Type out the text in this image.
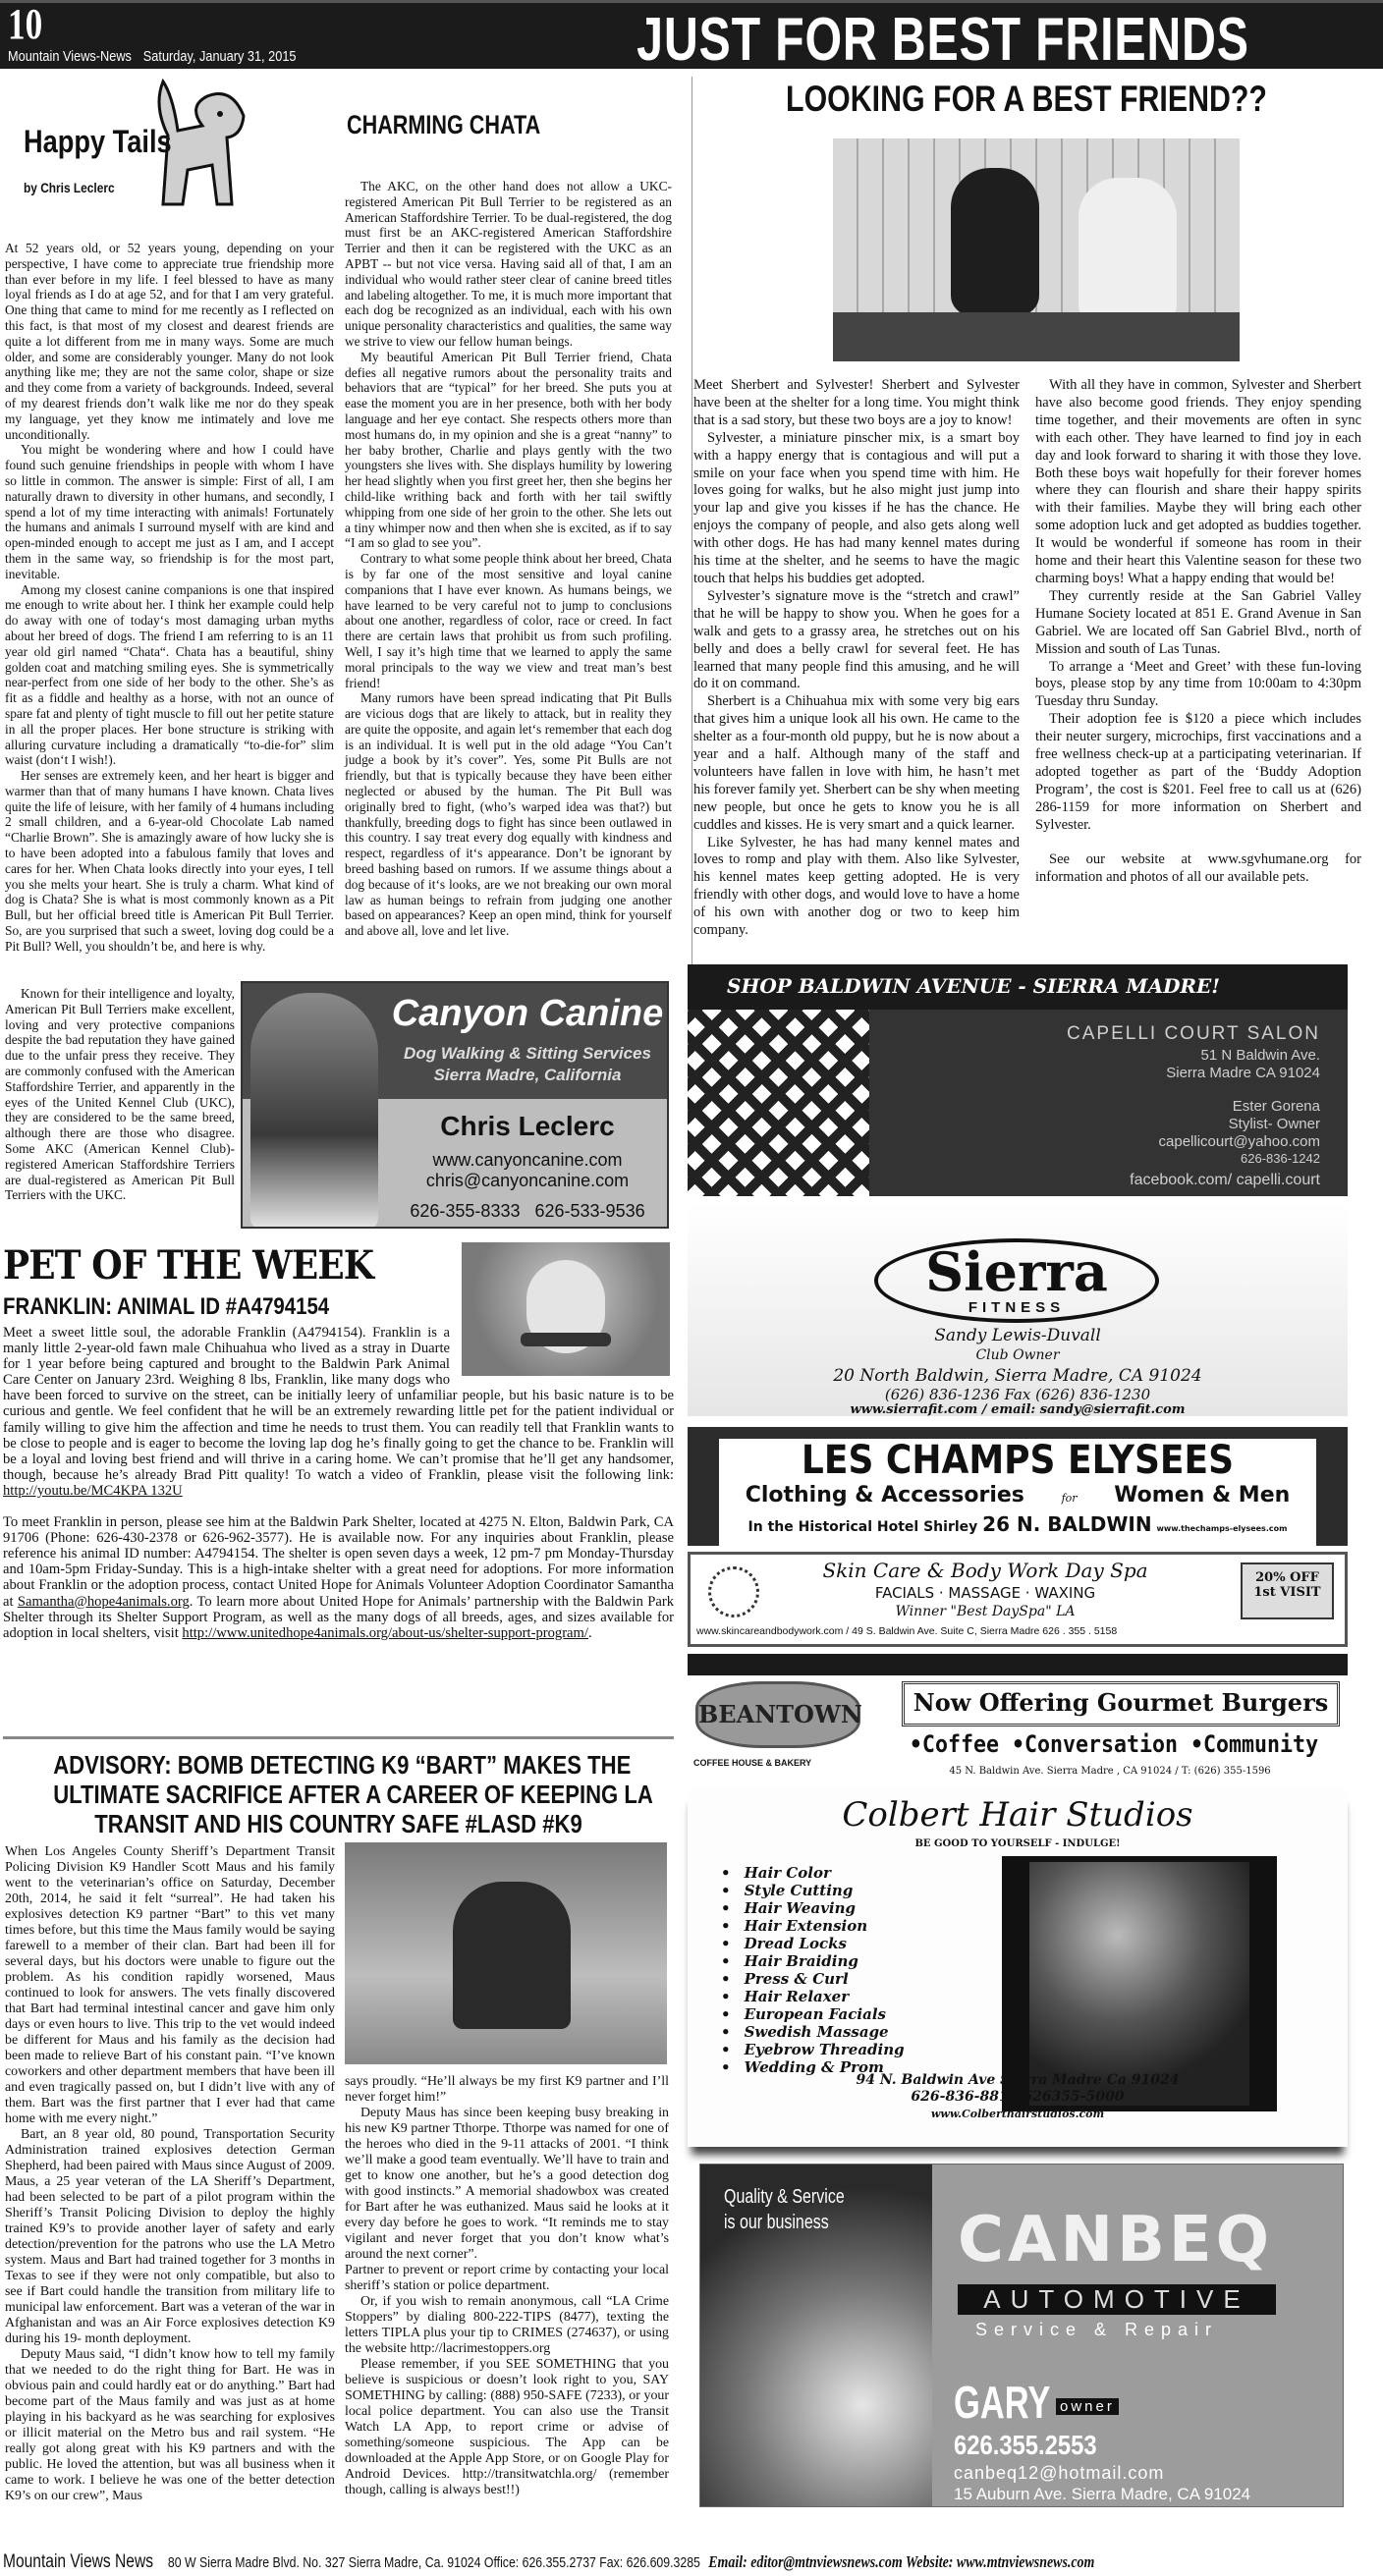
10
Mountain Views-News Saturday, January 31, 2015	JUST FOR BEST FRIENDS
Happy Tails
by Chris Leclerc
CHARMING CHATA

At 52 years old, or 52 years young, depending on your perspective, I have come to appreciate true friendship more than ever before in my life. I feel blessed to have as many loyal friends as I do at age 52, and for that I am very grateful. One thing that came to mind for me recently as I reflected on this fact, is that most of my closest and dearest friends are quite a lot different from me in many ways. Some are much older, and some are considerably younger. Many do not look anything like me; they are not the same color, shape or size and they come from a variety of backgrounds. Indeed, several of my dearest friends don’t walk like me nor do they speak my language, yet they know me intimately and love me unconditionally.

You might be wondering where and how I could have found such genuine friendships in people with whom I have so little in common. The answer is simple: First of all, I am naturally drawn to diversity in other humans, and secondly, I spend a lot of my time interacting with animals! Fortunately the humans and animals I surround myself with are kind and open-minded enough to accept me just as I am, and I accept them in the same way, so friendship is for the most part, inevitable.

Among my closest canine companions is one that inspired me enough to write about her. I think her example could help do away with one of today‘s most damaging urban myths about her breed of dogs. The friend I am referring to is an 11 year old girl named “Chata“. Chata has a beautiful, shiny golden coat and matching smiling eyes. She is symmetrically near-perfect from one side of her body to the other. She’s as fit as a fiddle and healthy as a horse, with not an ounce of spare fat and plenty of tight muscle to fill out her petite stature in all the proper places. Her bone structure is striking with alluring curvature including a dramatically “to-die-for” slim waist (don‘t I wish!).

Her senses are extremely keen, and her heart is bigger and warmer than that of many humans I have known. Chata lives quite the life of leisure, with her family of 4 humans including 2 small children, and a 6-year-old Chocolate Lab named “Charlie Brown”. She is amazingly aware of how lucky she is to have been adopted into a fabulous family that loves and cares for her. When Chata looks directly into your eyes, I tell you she melts your heart. She is truly a charm. What kind of dog is Chata? She is what is most commonly known as a Pit Bull, but her official breed title is American Pit Bull Terrier. So, are you surprised that such a sweet, loving dog could be a Pit Bull? Well, you shouldn’t be, and here is why.

Known for their intelligence and loyalty, American Pit Bull Terriers make excellent, loving and very protective companions despite the bad reputation they have gained due to the unfair press they receive. They are commonly confused with the American Staffordshire Terrier, and apparently in the eyes of the United Kennel Club (UKC), they are considered to be the same breed, although there are those who disagree. Some AKC (American Kennel Club)-registered American Staffordshire Terriers are dual-registered as American Pit Bull Terriers with the UKC.

The AKC, on the other hand does not allow a UKC-registered American Pit Bull Terrier to be registered as an American Staffordshire Terrier. To be dual-registered, the dog must first be an AKC-registered American Staffordshire Terrier and then it can be registered with the UKC as an APBT -- but not vice versa. Having said all of that, I am an individual who would rather steer clear of canine breed titles and labeling altogether. To me, it is much more important that each dog be recognized as an individual, each with his own unique personality characteristics and qualities, the same way we strive to view our fellow human beings.

My beautiful American Pit Bull Terrier friend, Chata defies all negative rumors about the personality traits and behaviors that are “typical” for her breed. She puts you at ease the moment you are in her presence, both with her body language and her eye contact. She respects others more than most humans do, in my opinion and she is a great “nanny” to her baby brother, Charlie and plays gently with the two youngsters she lives with. She displays humility by lowering her head slightly when you first greet her, then she begins her child-like writhing back and forth with her tail swiftly whipping from one side of her groin to the other. She lets out a tiny whimper now and then when she is excited, as if to say “I am so glad to see you”.

Contrary to what some people think about her breed, Chata is by far one of the most sensitive and loyal canine companions that I have ever known. As humans beings, we have learned to be very careful not to jump to conclusions about one another, regardless of color, race or creed. In fact there are certain laws that prohibit us from such profiling. Well, I say it’s high time that we learned to apply the same moral principals to the way we view and treat man’s best friend!

Many rumors have been spread indicating that Pit Bulls are vicious dogs that are likely to attack, but in reality they are quite the opposite, and again let‘s remember that each dog is an individual. It is well put in the old adage “You Can’t judge a book by it’s cover”. Yes, some Pit Bulls are not friendly, but that is typically because they have been either neglected or abused by the human. The Pit Bull was originally bred to fight, (who’s warped idea was that?) but thankfully, breeding dogs to fight has since been outlawed in this country. I say treat every dog equally with kindness and respect, regardless of it‘s appearance. Don’t be ignorant by breed bashing based on rumors. If we assume things about a dog because of it‘s looks, are we not breaking our own moral law as human beings to refrain from judging one another based on appearances? Keep an open mind, think for yourself and above all, love and let live.

LOOKING FOR A BEST FRIEND??

Meet Sherbert and Sylvester! Sherbert and Sylvester have been at the shelter for a long time. You might think that is a sad story, but these two boys are a joy to know!

Sylvester, a miniature pinscher mix, is a smart boy with a happy energy that is contagious and will put a smile on your face when you spend time with him. He loves going for walks, but he also might just jump into your lap and give you kisses if he has the chance. He enjoys the company of people, and also gets along well with other dogs. He has had many kennel mates during his time at the shelter, and he seems to have the magic touch that helps his buddies get adopted.

Sylvester’s signature move is the “stretch and crawl” that he will be happy to show you. When he goes for a walk and gets to a grassy area, he stretches out on his belly and does a belly crawl for several feet. He has learned that many people find this amusing, and he will do it on command.

Sherbert is a Chihuahua mix with some very big ears that gives him a unique look all his own. He came to the shelter as a four-month old puppy, but he is now about a year and a half. Although many of the staff and volunteers have fallen in love with him, he hasn’t met his forever family yet. Sherbert can be shy when meeting new people, but once he gets to know you he is all cuddles and kisses. He is very smart and a quick learner.

Like Sylvester, he has had many kennel mates and loves to romp and play with them. Also like Sylvester, his kennel mates keep getting adopted. He is very friendly with other dogs, and would love to have a home of his own with another dog or two to keep him company.

With all they have in common, Sylvester and Sherbert have also become good friends. They enjoy spending time together, and their movements are often in sync with each other. They have learned to find joy in each day and look forward to sharing it with those they love. Both these boys wait hopefully for their forever homes where they can flourish and share their happy spirits with their families. Maybe they will bring each other some adoption luck and get adopted as buddies together. It would be wonderful if someone has room in their home and their heart this Valentine season for these two charming boys! What a happy ending that would be!

They currently reside at the San Gabriel Valley Humane Society located at 851 E. Grand Avenue in San Gabriel. We are located off San Gabriel Blvd., north of Mission and south of Las Tunas.

To arrange a ‘Meet and Greet’ with these fun-loving boys, please stop by any time from 10:00am to 4:30pm Tuesday thru Sunday.

Their adoption fee is $120 a piece which includes their neuter surgery, microchips, first vaccinations and a free wellness check-up at a participating veterinarian. If adopted together as part of the ‘Buddy Adoption Program’, the cost is $201. Feel free to call us at (626) 286-1159 for more information on Sherbert and Sylvester.

See our website at www.sgvhumane.org for information and photos of all our available pets.

Canyon Canine
Dog Walking & Sitting Services
Sierra Madre, California
Chris Leclerc
www.canyoncanine.com
chris@canyoncanine.com
626-355-8333 626-533-9536
PET OF THE WEEK
FRANKLIN: ANIMAL ID #A4794154

Meet a sweet little soul, the adorable Franklin (A4794154). Franklin is a manly little 2-year-old fawn male Chihuahua who lived as a stray in Duarte for 1 year before being captured and brought to the Baldwin Park Animal Care Center on January 23rd. Weighing 8 lbs, Franklin, like many dogs who have been forced to survive on the street, can be initially leery of unfamiliar people, but his basic nature is to be curious and gentle. We feel confident that he will be an extremely rewarding little pet for the patient individual or family willing to give him the affection and time he needs to trust them. You can readily tell that Franklin wants to be close to people and is eager to become the loving lap dog he’s finally going to get the chance to be. Franklin will be a loyal and loving best friend and will thrive in a caring home. We can’t promise that he’ll get any handsomer, though, because he’s already Brad Pitt quality! To watch a video of Franklin, please visit the following link: http://youtu.be/MC4KPA 132U

To meet Franklin in person, please see him at the Baldwin Park Shelter, located at 4275 N. Elton, Baldwin Park, CA 91706 (Phone: 626-430-2378 or 626-962-3577). He is available now. For any inquiries about Franklin, please reference his animal ID number: A4794154. The shelter is open seven days a week, 12 pm-7 pm Monday-Thursday and 10am-5pm Friday-Sunday. This is a high-intake shelter with a great need for adoptions. For more information about Franklin or the adoption process, contact United Hope for Animals Volunteer Adoption Coordinator Samantha at Samantha@hope4animals.org. To learn more about United Hope for Animals’ partnership with the Baldwin Park Shelter through its Shelter Support Program, as well as the many dogs of all breeds, ages, and sizes available for adoption in local shelters, visit http://www.unitedhope4animals.org/about-us/shelter-support-program/.

ADVISORY: BOMB DETECTING K9 “BART” MAKES THE
ULTIMATE SACRIFICE AFTER A CAREER OF KEEPING LA
TRANSIT AND HIS COUNTRY SAFE #LASD #K9

When Los Angeles County Sheriff’s Department Transit Policing Division K9 Handler Scott Maus and his family went to the veterinarian’s office on Saturday, December 20th, 2014, he said it felt “surreal”. He had taken his explosives detection K9 partner “Bart” to this vet many times before, but this time the Maus family would be saying farewell to a member of their clan. Bart had been ill for several days, but his doctors were unable to figure out the problem. As his condition rapidly worsened, Maus continued to look for answers. The vets finally discovered that Bart had terminal intestinal cancer and gave him only days or even hours to live. This trip to the vet would indeed be different for Maus and his family as the decision had been made to relieve Bart of his constant pain. “I’ve known coworkers and other department members that have been ill and even tragically passed on, but I didn’t live with any of them. Bart was the first partner that I ever had that came home with me every night.”

Bart, an 8 year old, 80 pound, Transportation Security Administration trained explosives detection German Shepherd, had been paired with Maus since August of 2009. Maus, a 25 year veteran of the LA Sheriff’s Department, had been selected to be part of a pilot program within the Sheriff’s Transit Policing Division to deploy the highly trained K9’s to provide another layer of safety and early detection/prevention for the patrons who use the LA Metro system. Maus and Bart had trained together for 3 months in Texas to see if they were not only compatible, but also to see if Bart could handle the transition from military life to municipal law enforcement. Bart was a veteran of the war in Afghanistan and was an Air Force explosives detection K9 during his 19- month deployment.

Deputy Maus said, “I didn’t know how to tell my family that we needed to do the right thing for Bart. He was in obvious pain and could hardly eat or do anything.” Bart had become part of the Maus family and was just as at home playing in his backyard as he was searching for explosives or illicit material on the Metro bus and rail system. “He really got along great with his K9 partners and with the public. He loved the attention, but was all business when it came to work. I believe he was one of the better detection K9’s on our crew”, Maus

says proudly. “He’ll always be my first K9 partner and I’ll never forget him!”

Deputy Maus has since been keeping busy breaking in his new K9 partner Tthorpe. Tthorpe was named for one of the heroes who died in the 9-11 attacks of 2001. “I think we’ll make a good team eventually. We’ll have to train and get to know one another, but he’s a good detection dog with good instincts.” A memorial shadowbox was created for Bart after he was euthanized. Maus said he looks at it every day before he goes to work. “It reminds me to stay vigilant and never forget that you don’t know what’s around the next corner”.

Partner to prevent or report crime by contacting your local sheriff’s station or police department.

Or, if you wish to remain anonymous, call “LA Crime Stoppers” by dialing 800-222-TIPS (8477), texting the letters TIPLA plus your tip to CRIMES (274637), or using the website http://lacrimestoppers.org

Please remember, if you SEE SOMETHING that you believe is suspicious or doesn’t look right to you, SAY SOMETHING by calling: (888) 950-SAFE (7233), or your local police department. You can also use the Transit Watch LA App, to report crime or advise of something/someone suspicious. The App can be downloaded at the Apple App Store, or on Google Play for Android Devices. http://transitwatchla.org/ (remember though, calling is always best!!)

SHOP BALDWIN AVENUE - SIERRA MADRE!
CAPELLI COURT SALON
51 N Baldwin Ave.
Sierra Madre CA 91024
Ester Gorena
Stylist- Owner
capellicourt@yahoo.com
626-836-1242
facebook.com/ capelli.court
Sierra
FITNESS
Sandy Lewis-Duvall
Club Owner
20 North Baldwin, Sierra Madre, CA 91024
(626) 836-1236 Fax (626) 836-1230
www.sierrafit.com / email: sandy@sierrafit.com
LES CHAMPS ELYSEES
Clothing & Accessories	for Women & Men
In the Historical Hotel Shirley 26 N. BALDWIN www.thechamps-elysees.com
Skin Care & Body Work Day Spa
FACIALS · MASSAGE · WAXING
Winner "Best DaySpa" LA
20% OFF 1st VISIT
www.skincareandbodywork.com / 49 S. Baldwin Ave. Suite C, Sierra Madre 626 . 355 . 5158
BEANTOWN
COFFEE HOUSE & BAKERY
Now Offering Gourmet Burgers
•Coffee •Conversation •Community
45 N. Baldwin Ave. Sierra Madre , CA 91024 / T: (626) 355-1596
Colbert Hair Studios
BE GOOD TO YOURSELF - INDULGE!
• Hair Color
• Style Cutting
• Hair Weaving
• Hair Extension
• Dread Locks
• Hair Braiding
• Press & Curl
• Hair Relaxer
• European Facials
• Swedish Massage
• Eyebrow Threading
• Wedding & Prom
94 N. Baldwin Ave Sierra Madre Ca 91024
626-836-8811 626355-5000
www.Colberthairstudios.com
Quality & Service
is our business CANBEQ
AUTOMOTIVE
Service & Repair
GARY owner
626.355.2553
canbeq12@hotmail.com
15 Auburn Ave. Sierra Madre, CA 91024
Mountain Views News 80 W Sierra Madre Blvd. No. 327 Sierra Madre, Ca. 91024 Office: 626.355.2737 Fax: 626.609.3285 Email: editor@mtnviewsnews.com Website: www.mtnviewsnews.com
